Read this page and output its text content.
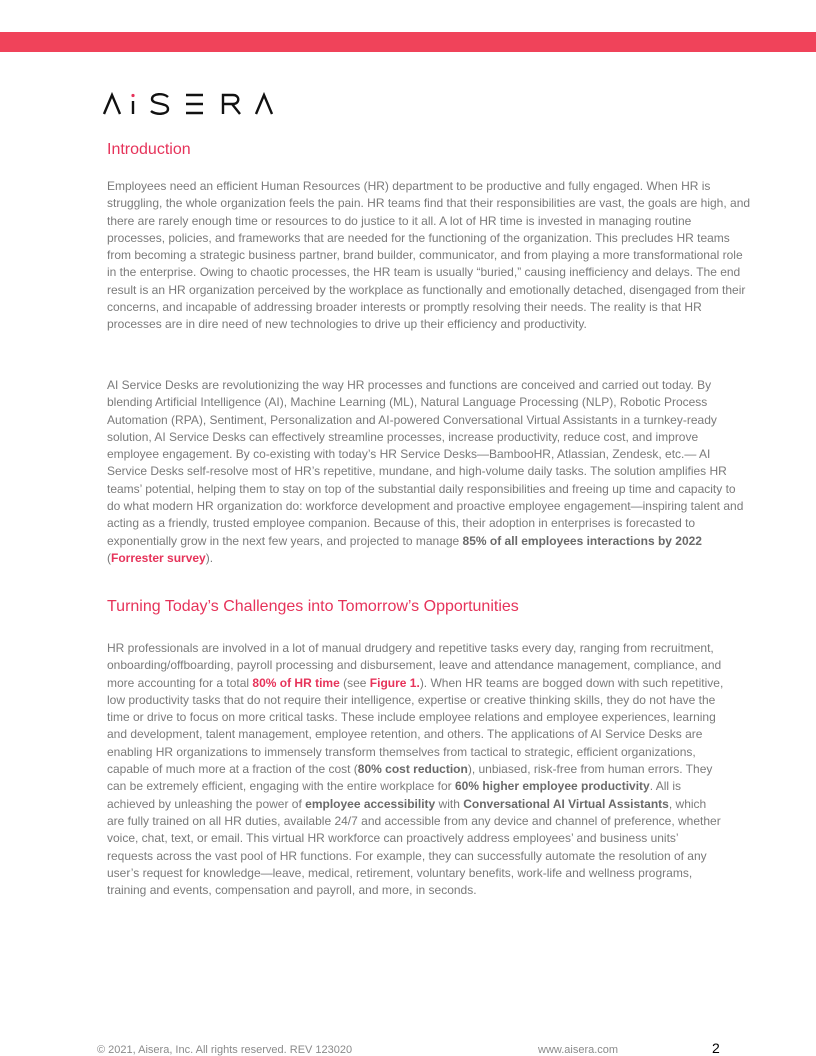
Introduction

Employees need an efficient Human Resources (HR) department to be productive and fully engaged. When HR is struggling, the whole organization feels the pain. HR teams find that their responsibilities are vast, the goals are high, and there are rarely enough time or resources to do justice to it all. A lot of HR time is invested in managing routine processes, policies, and frameworks that are needed for the functioning of the organization. This precludes HR teams from becoming a strategic business partner, brand builder, communicator, and from playing a more transformational role in the enterprise. Owing to chaotic processes, the HR team is usually “buried,” causing inefficiency and delays. The end result is an HR organization perceived by the workplace as functionally and emotionally detached, disengaged from their concerns, and incapable of addressing broader interests or promptly resolving their needs. The reality is that HR processes are in dire need of new technologies to drive up their efficiency and productivity.

AI Service Desks are revolutionizing the way HR processes and functions are conceived and carried out today. By blending Artificial Intelligence (AI), Machine Learning (ML), Natural Language Processing (NLP), Robotic Process Automation (RPA), Sentiment, Personalization and AI-powered Conversational Virtual Assistants in a turnkey-ready solution, AI Service Desks can effectively streamline processes, increase productivity, reduce cost, and improve employee engagement. By co-existing with today’s HR Service Desks—BambooHR, Atlassian, Zendesk, etc.— AI Service Desks self-resolve most of HR’s repetitive, mundane, and high-volume daily tasks. The solution amplifies HR teams’ potential, helping them to stay on top of the substantial daily responsibilities and freeing up time and capacity to do what modern HR organization do: workforce development and proactive employee engagement—inspiring talent and acting as a friendly, trusted employee companion. Because of this, their adoption in enterprises is forecasted to exponentially grow in the next few years, and projected to manage 85% of all employees interactions by 2022 (Forrester survey).

Turning Today’s Challenges into Tomorrow’s Opportunities

HR professionals are involved in a lot of manual drudgery and repetitive tasks every day, ranging from recruitment, onboarding/offboarding, payroll processing and disbursement, leave and attendance management, compliance, and more accounting for a total 80% of HR time (see Figure 1.). When HR teams are bogged down with such repetitive, low productivity tasks that do not require their intelligence, expertise or creative thinking skills, they do not have the time or drive to focus on more critical tasks. These include employee relations and employee experiences, learning and development, talent management, employee retention, and others. The applications of AI Service Desks are enabling HR organizations to immensely transform themselves from tactical to strategic, efficient organizations, capable of much more at a fraction of the cost (80% cost reduction), unbiased, risk-free from human errors. They can be extremely efficient, engaging with the entire workplace for 60% higher employee productivity. All is achieved by unleashing the power of employee accessibility with Conversational AI Virtual Assistants, which are fully trained on all HR duties, available 24/7 and accessible from any device and channel of preference, whether voice, chat, text, or email. This virtual HR workforce can proactively address employees’ and business units’ requests across the vast pool of HR functions. For example, they can successfully automate the resolution of any user’s request for knowledge—leave, medical, retirement, voluntary benefits, work-life and wellness programs, training and events, compensation and payroll, and more, in seconds.

© 2021, Aisera, Inc. All rights reserved. REV 123020	www.aisera.com	2
